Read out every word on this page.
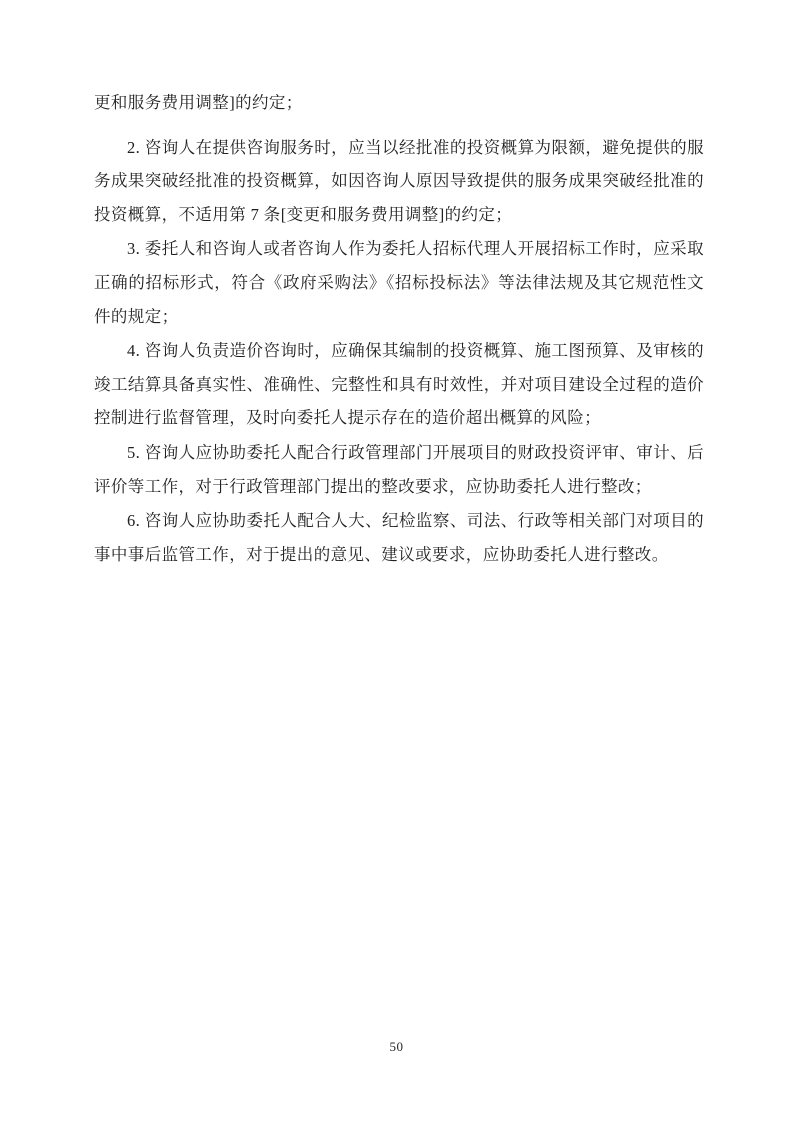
更和服务费用调整]的约定；

2. 咨询人在提供咨询服务时，应当以经批准的投资概算为限额，避免提供的服务成果突破经批准的投资概算，如因咨询人原因导致提供的服务成果突破经批准的投资概算，不适用第 7 条[变更和服务费用调整]的约定；

3. 委托人和咨询人或者咨询人作为委托人招标代理人开展招标工作时，应采取正确的招标形式，符合《政府采购法》《招标投标法》等法律法规及其它规范性文件的规定；

4. 咨询人负责造价咨询时，应确保其编制的投资概算、施工图预算、及审核的竣工结算具备真实性、准确性、完整性和具有时效性，并对项目建设全过程的造价控制进行监督管理，及时向委托人提示存在的造价超出概算的风险；

5. 咨询人应协助委托人配合行政管理部门开展项目的财政投资评审、审计、后评价等工作，对于行政管理部门提出的整改要求，应协助委托人进行整改；

6. 咨询人应协助委托人配合人大、纪检监察、司法、行政等相关部门对项目的事中事后监管工作，对于提出的意见、建议或要求，应协助委托人进行整改。

50
